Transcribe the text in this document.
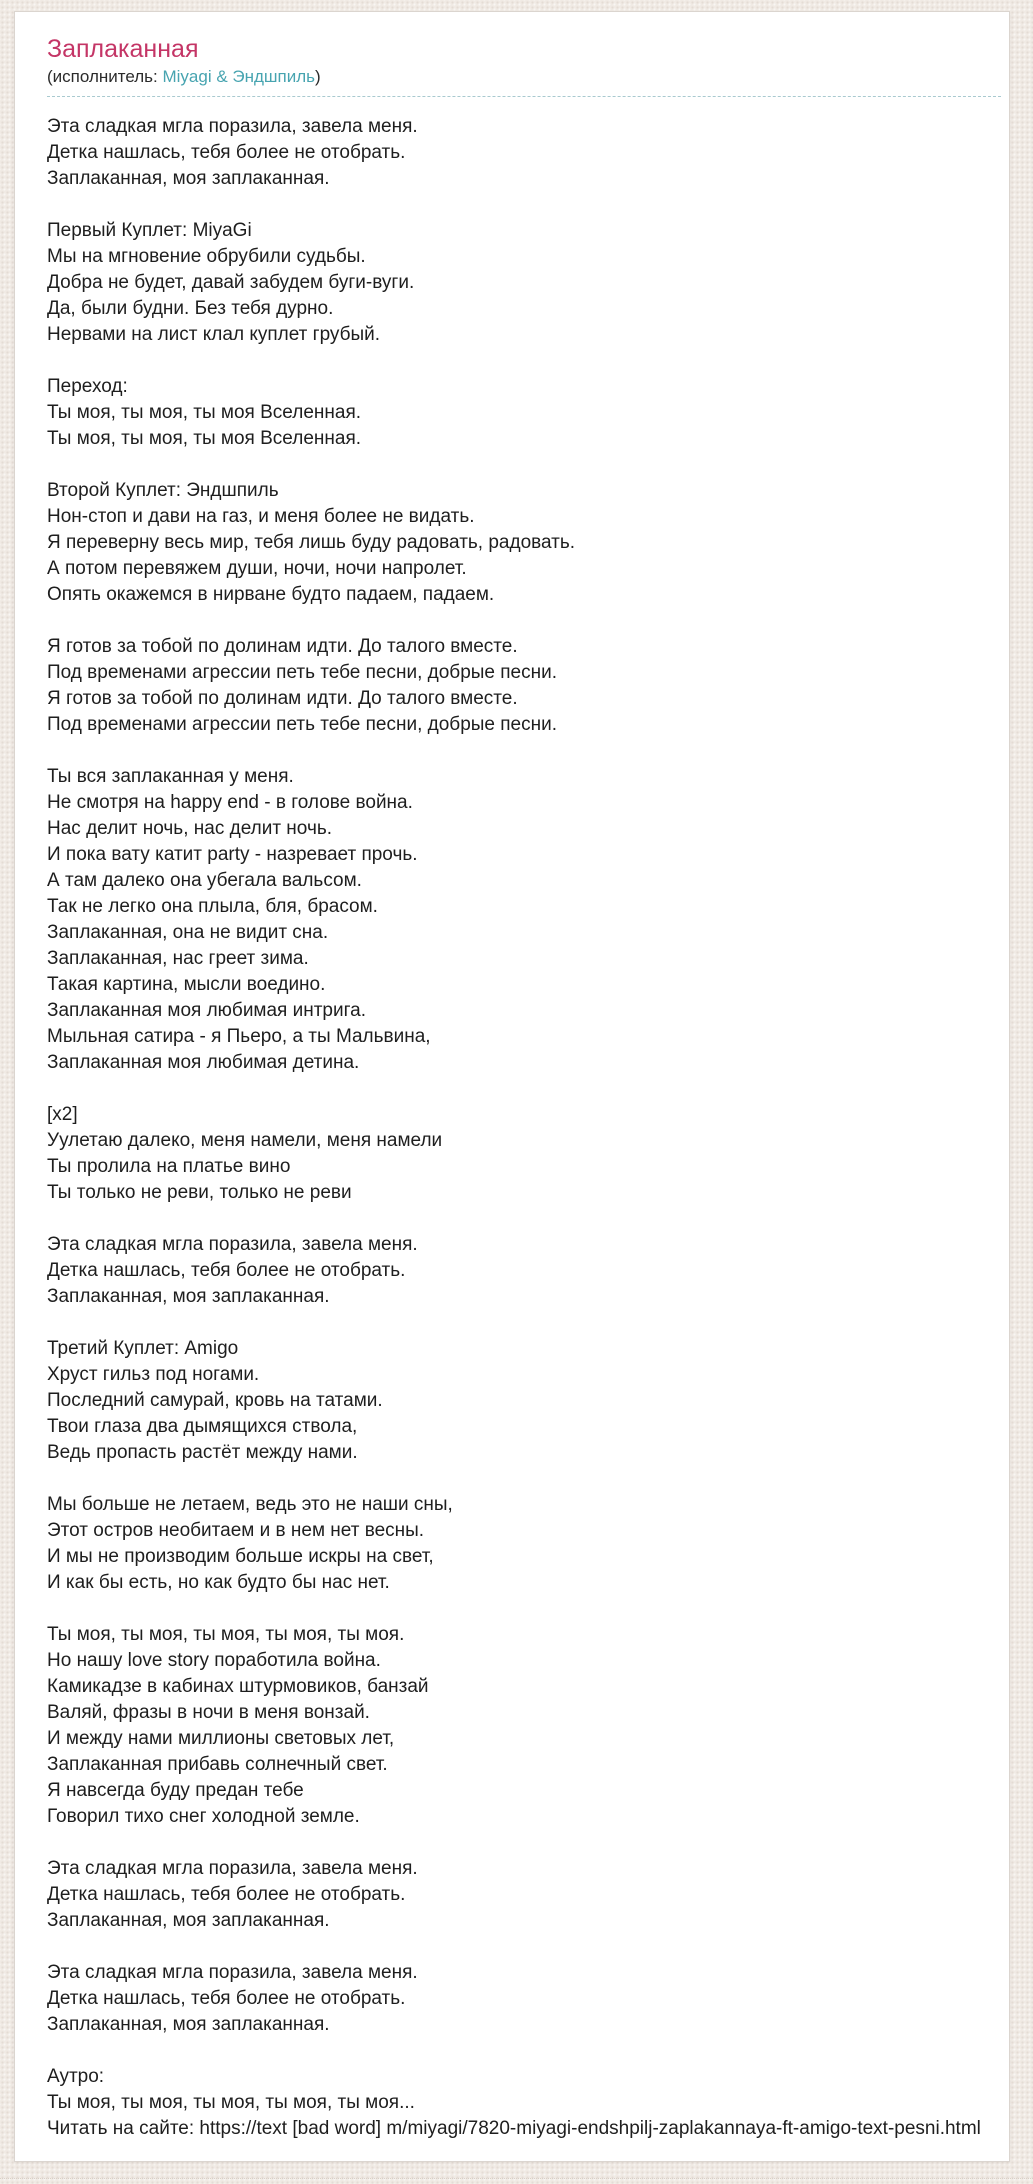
Заплаканная
(исполнитель: Miyagi & Эндшпиль)

Эта сладкая мгла поразила, завела меня.
Детка нашлась, тебя более не отобрать.
Заплаканная, моя заплаканная.

Первый Куплет: MiyaGi
Мы на мгновение обрубили судьбы.
Добра не будет, давай забудем буги-вуги.
Да, были будни. Без тебя дурно.
Нервами на лист клал куплет грубый.

Переход:
Ты моя, ты моя, ты моя Вселенная.
Ты моя, ты моя, ты моя Вселенная.

Второй Куплет: Эндшпиль
Нон-стоп и дави на газ, и меня более не видать.
Я переверну весь мир, тебя лишь буду радовать, радовать.
А потом перевяжем души, ночи, ночи напролет.
Опять окажемся в нирване будто падаем, падаем.

Я готов за тобой по долинам идти. До талого вместе.
Под временами агрессии петь тебе песни, добрые песни.
Я готов за тобой по долинам идти. До талого вместе.
Под временами агрессии петь тебе песни, добрые песни.

Ты вся заплаканная у меня.
Не смотря на happy end - в голове война.
Нас делит ночь, нас делит ночь.
И пока вату катит party - назревает прочь.
А там далеко она убегала вальсом.
Так не легко она плыла, бля, брасом.
Заплаканная, она не видит сна.
Заплаканная, нас греет зима.
Такая картина, мысли воедино.
Заплаканная моя любимая интрига.
Мыльная сатира - я Пьеро, а ты Мальвина,
Заплаканная моя любимая детина.

[x2]
Уулетаю далеко, меня намели, меня намели
Ты пролила на платье вино
Ты только не реви, только не реви

Эта сладкая мгла поразила, завела меня.
Детка нашлась, тебя более не отобрать.
Заплаканная, моя заплаканная.

Третий Куплет: Amigo
Хруст гильз под ногами.
Последний самурай, кровь на татами.
Твои глаза два дымящихся ствола,
Ведь пропасть растёт между нами.

Мы больше не летаем, ведь это не наши сны,
Этот остров необитаем и в нем нет весны.
И мы не производим больше искры на свет,
И как бы есть, но как будто бы нас нет.

Ты моя, ты моя, ты моя, ты моя, ты моя.
Но нашу love story поработила война.
Камикадзе в кабинах штурмовиков, банзай
Валяй, фразы в ночи в меня вонзай.
И между нами миллионы световых лет,
Заплаканная прибавь солнечный свет.
Я навсегда буду предан тебе
Говорил тихо снег холодной земле.

Эта сладкая мгла поразила, завела меня.
Детка нашлась, тебя более не отобрать.
Заплаканная, моя заплаканная.

Эта сладкая мгла поразила, завела меня.
Детка нашлась, тебя более не отобрать.
Заплаканная, моя заплаканная.

Аутро:
Ты моя, ты моя, ты моя, ты моя, ты моя...

Читать на сайте: https://text [bad word] m/miyagi/7820-miyagi-endshpilj-zaplakannaya-ft-amigo-text-pesni.html
